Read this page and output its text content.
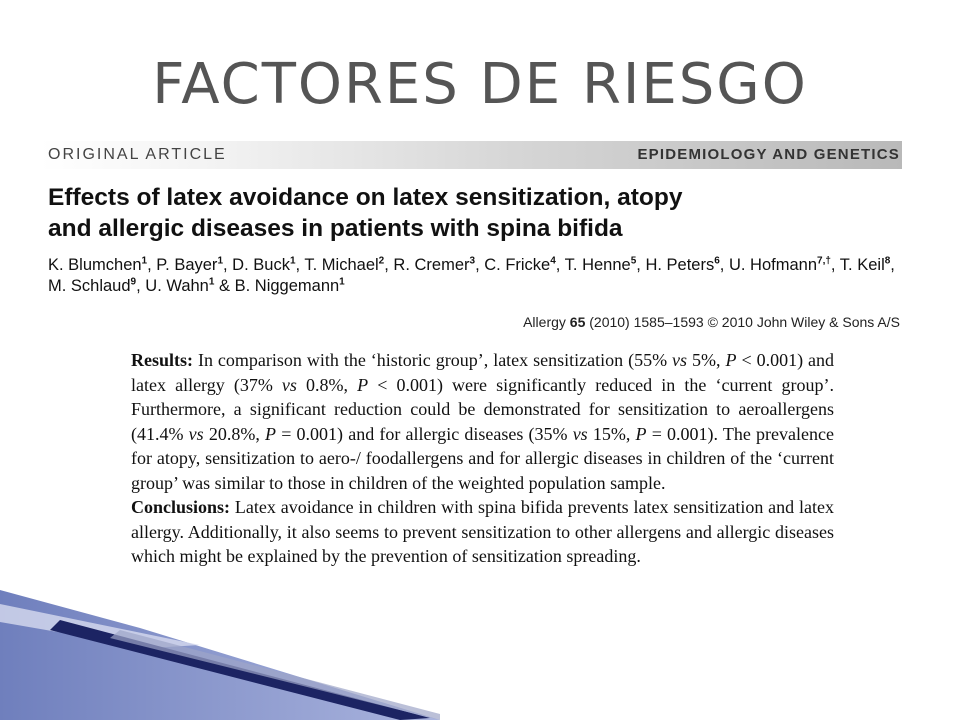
FACTORES DE RIESGO
ORIGINAL ARTICLE	EPIDEMIOLOGY AND GENETICS
Effects of latex avoidance on latex sensitization, atopy
and allergic diseases in patients with spina bifida
K. Blumchen$^1$, P. Bayer$^1$, D. Buck$^1$, T. Michael$^2$, R. Cremer$^3$, C. Fricke$^4$, T. Henne$^5$, H. Peters$^6$, U. Hofmann$^{7,\dagger}$, T. Keil$^8$, M. Schlaud$^9$, U. Wahn$^1$ & B. Niggemann$^1$
Allergy 65 (2010) 1585–1593 © 2010 John Wiley & Sons A/S

Results: In comparison with the ‘historic group’, latex sensitization (55% vs 5%, P < 0.001) and latex allergy (37% vs 0.8%, P < 0.001) were significantly reduced in the ‘current group’. Furthermore, a significant reduction could be demonstrated for sensitization to aeroallergens (41.4% vs 20.8%, P = 0.001) and for allergic diseases (35% vs 15%, P = 0.001). The prevalence for atopy, sensitization to aero-/ foodallergens and for allergic diseases in children of the ‘current group’ was similar to those in children of the weighted population sample.

Conclusions: Latex avoidance in children with spina bifida prevents latex sensitization and latex allergy. Additionally, it also seems to prevent sensitization to other allergens and allergic diseases which might be explained by the prevention of sensitization spreading.
